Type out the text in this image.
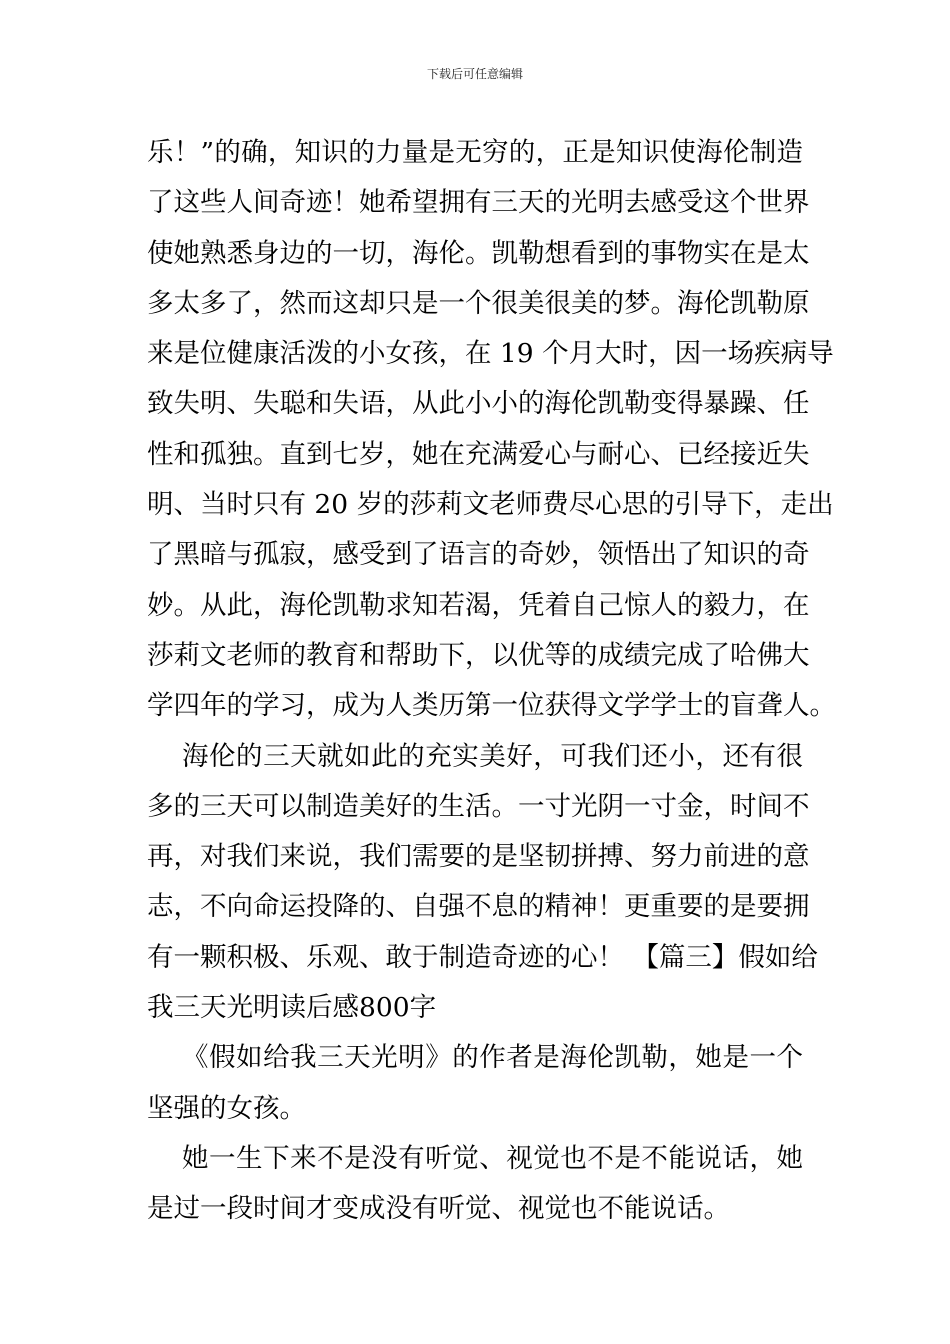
下载后可任意编辑
乐！”的确，知识的力量是无穷的，正是知识使海伦制造
了这些人间奇迹！她希望拥有三天的光明去感受这个世界
使她熟悉身边的一切，海伦。凯勒想看到的事物实在是太
多太多了，然而这却只是一个很美很美的梦。海伦凯勒原
来是位健康活泼的小女孩，在 19 个月大时，因一场疾病导
致失明、失聪和失语，从此小小的海伦凯勒变得暴躁、任
性和孤独。直到七岁，她在充满爱心与耐心、已经接近失
明、当时只有 20 岁的莎莉文老师费尽心思的引导下，走出
了黑暗与孤寂，感受到了语言的奇妙，领悟出了知识的奇
妙。从此，海伦凯勒求知若渴，凭着自己惊人的毅力，在
莎莉文老师的教育和帮助下，以优等的成绩完成了哈佛大
学四年的学习，成为人类历第一位获得文学学士的盲聋人。
海伦的三天就如此的充实美好，可我们还小，还有很
多的三天可以制造美好的生活。一寸光阴一寸金，时间不
再，对我们来说，我们需要的是坚韧拼搏、努力前进的意
志，不向命运投降的、自强不息的精神！更重要的是要拥
有一颗积极、乐观、敢于制造奇迹的心！ 【篇三】假如给
我三天光明读后感800字
《假如给我三天光明》的作者是海伦凯勒，她是一个
坚强的女孩。
她一生下来不是没有听觉、视觉也不是不能说话，她
是过一段时间才变成没有听觉、视觉也不能说话。
